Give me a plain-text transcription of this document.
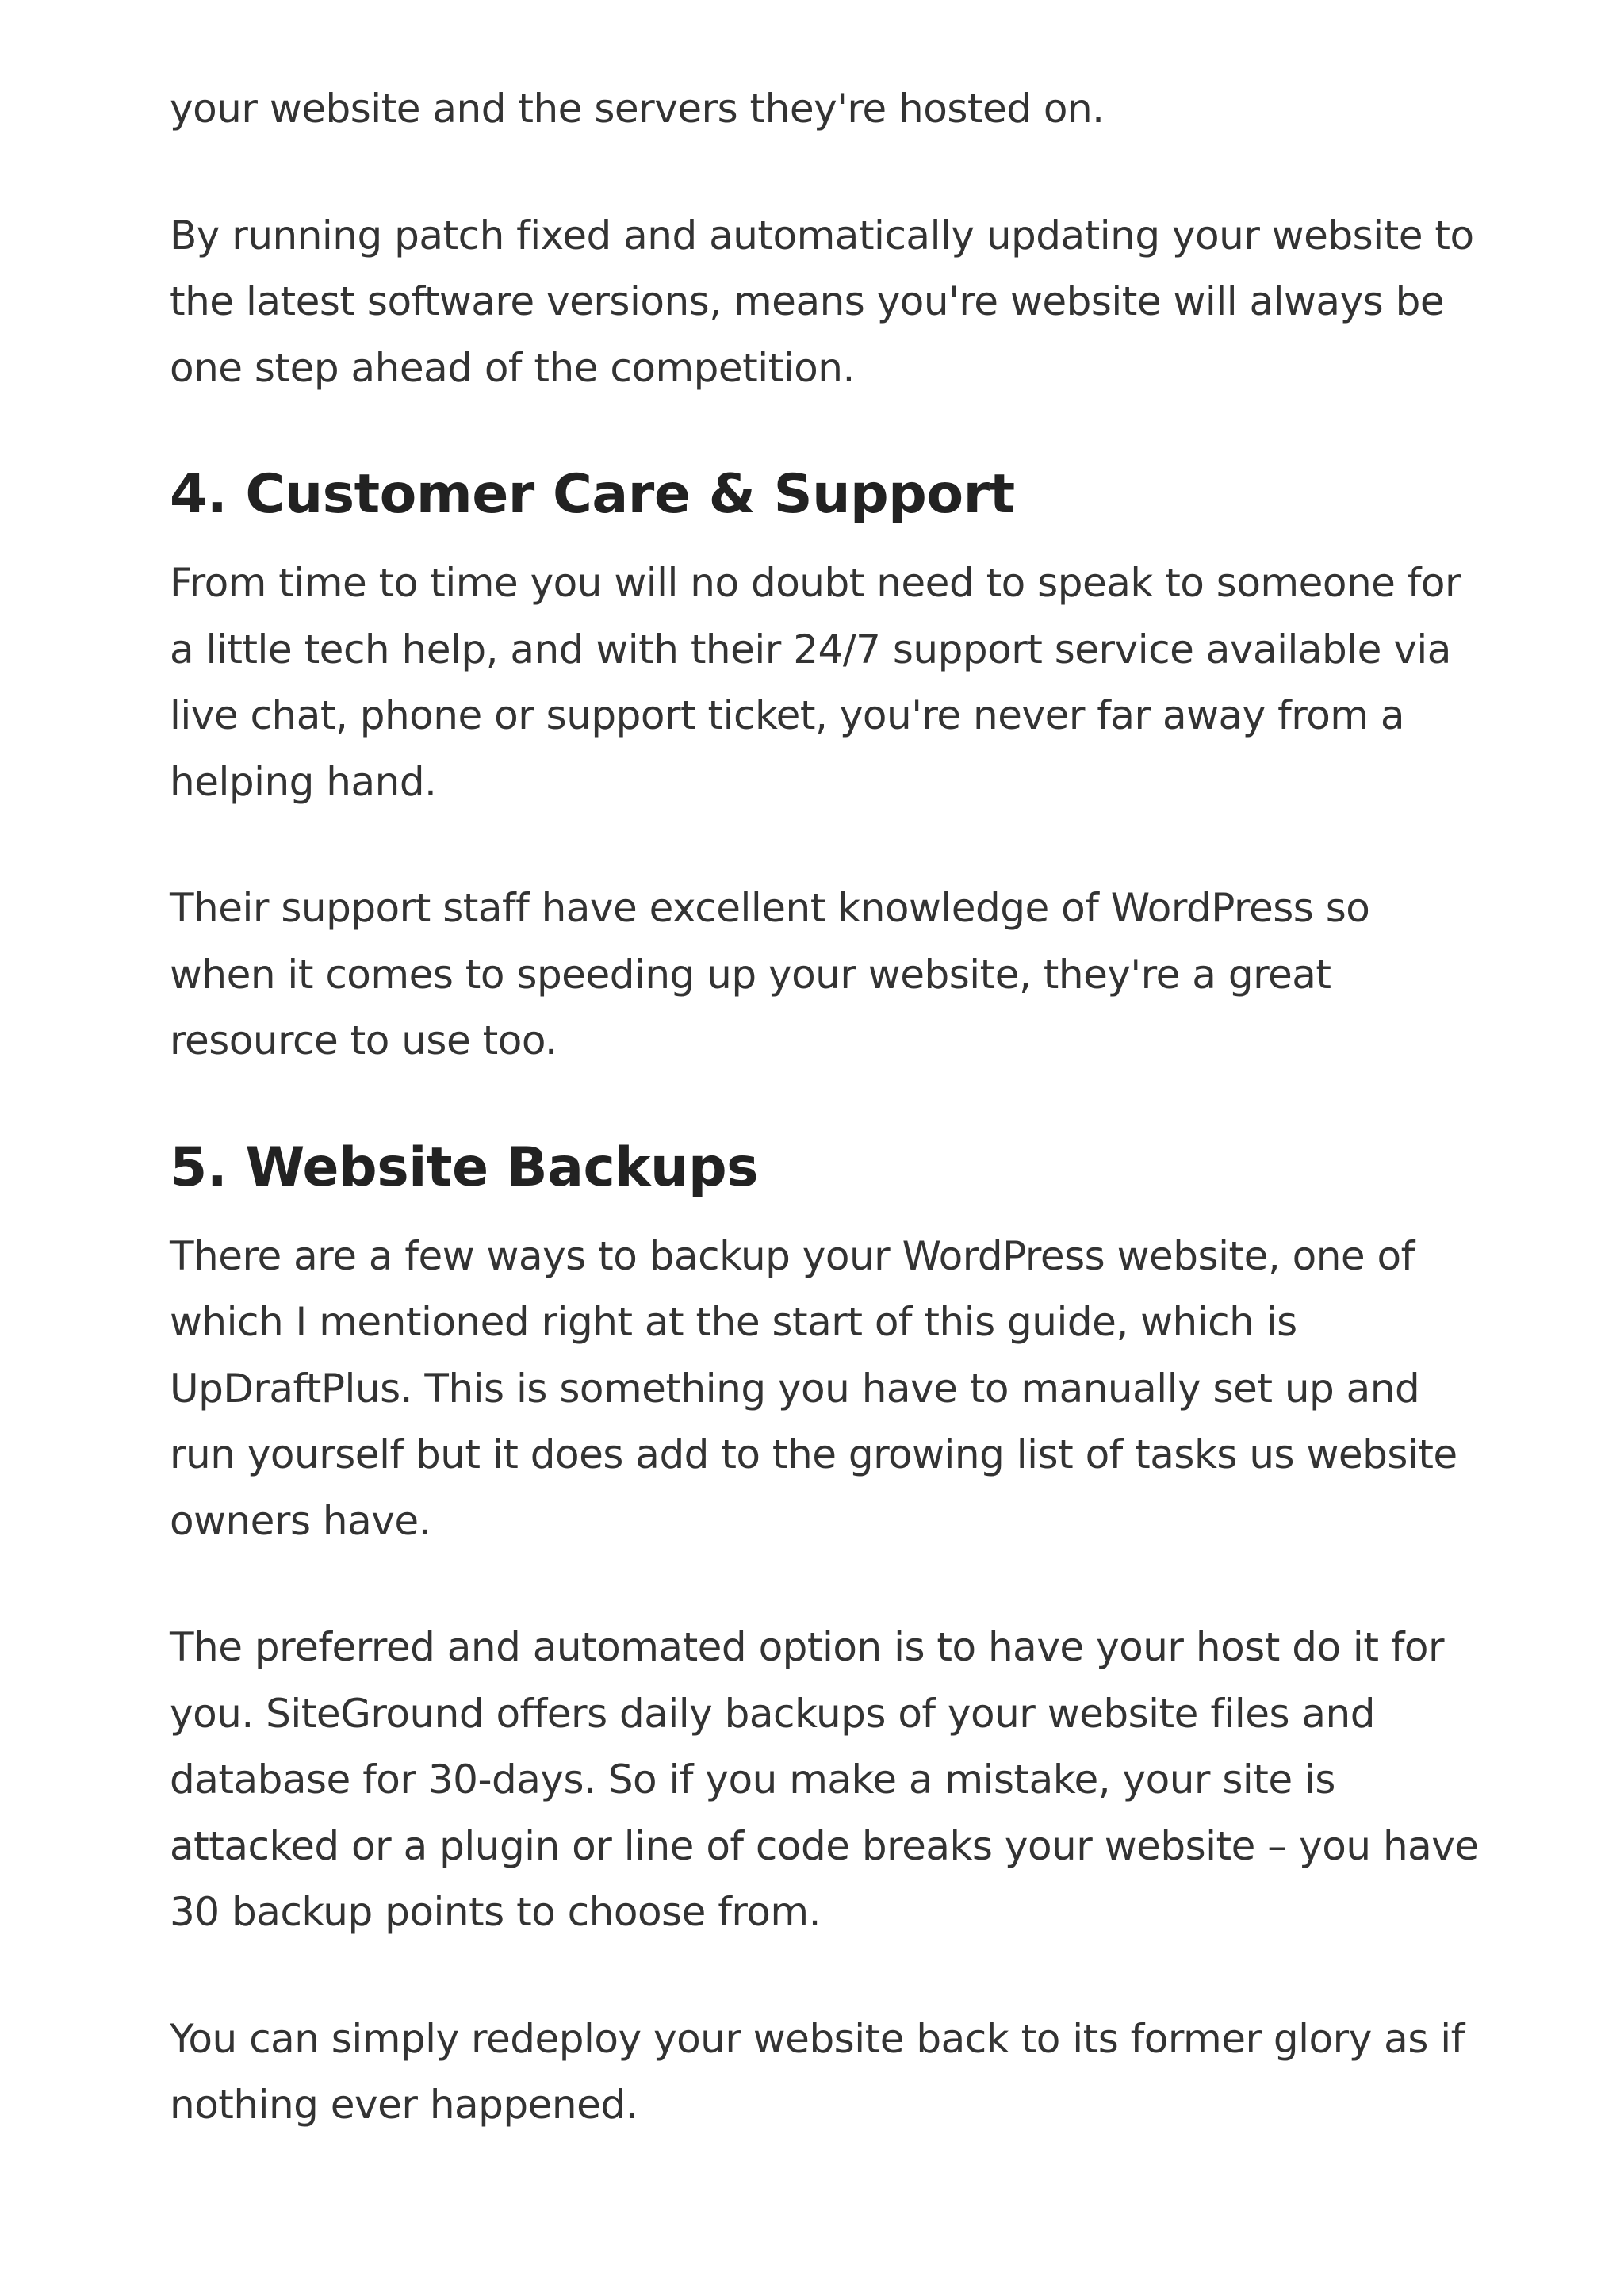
your website and the servers they're hosted on.

By running patch fixed and automatically updating your website to
the latest software versions, means you're website will always be
one step ahead of the competition.

4. Customer Care & Support

From time to time you will no doubt need to speak to someone for
a little tech help, and with their 24/7 support service available via
live chat, phone or support ticket, you're never far away from a
helping hand.

Their support staff have excellent knowledge of WordPress so
when it comes to speeding up your website, they're a great
resource to use too.

5. Website Backups

There are a few ways to backup your WordPress website, one of
which I mentioned right at the start of this guide, which is
UpDraftPlus. This is something you have to manually set up and
run yourself but it does add to the growing list of tasks us website
owners have.

The preferred and automated option is to have your host do it for
you. SiteGround offers daily backups of your website files and
database for 30-days. So if you make a mistake, your site is
attacked or a plugin or line of code breaks your website – you have
30 backup points to choose from.

You can simply redeploy your website back to its former glory as if
nothing ever happened.
